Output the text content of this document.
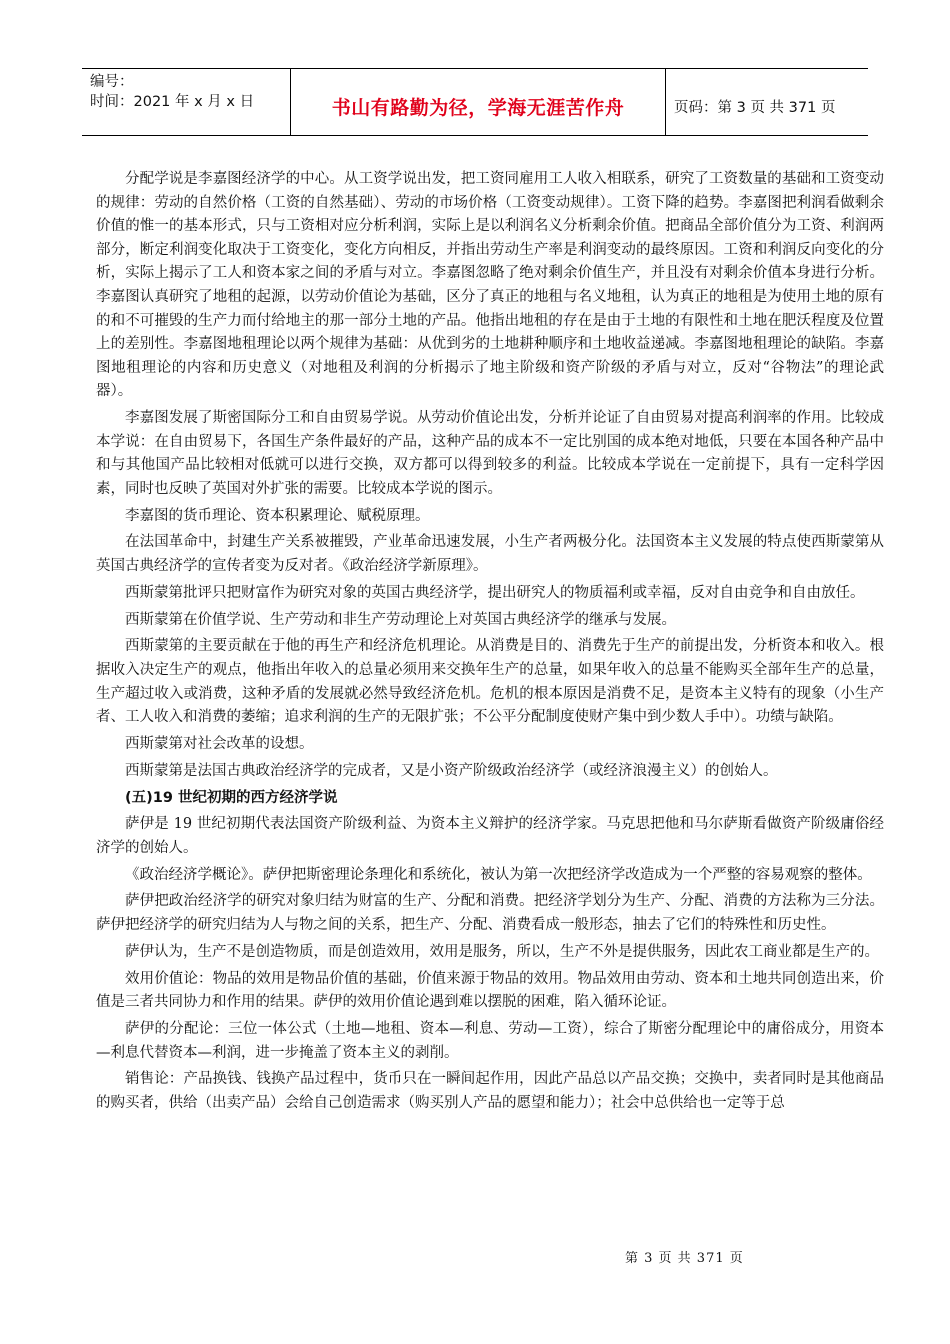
编号：
时间：2021 年 x 月 x 日	书山有路勤为径，学海无涯苦作舟	页码：第 3 页 共 371 页

分配学说是李嘉图经济学的中心。从工资学说出发，把工资同雇用工人收入相联系，研究了工资数量的基础和工资变动的规律：劳动的自然价格（工资的自然基础）、劳动的市场价格（工资变动规律）。工资下降的趋势。李嘉图把利润看做剩余价值的惟一的基本形式，只与工资相对应分析利润，实际上是以利润名义分析剩余价值。把商品全部价值分为工资、利润两部分，断定利润变化取决于工资变化，变化方向相反，并指出劳动生产率是利润变动的最终原因。工资和利润反向变化的分析，实际上揭示了工人和资本家之间的矛盾与对立。李嘉图忽略了绝对剩余价值生产，并且没有对剩余价值本身进行分析。李嘉图认真研究了地租的起源，以劳动价值论为基础，区分了真正的地租与名义地租，认为真正的地租是为使用土地的原有的和不可摧毁的生产力而付给地主的那一部分土地的产品。他指出地租的存在是由于土地的有限性和土地在肥沃程度及位置上的差别性。李嘉图地租理论以两个规律为基础：从优到劣的土地耕种顺序和土地收益递减。李嘉图地租理论的缺陷。李嘉图地租理论的内容和历史意义（对地租及利润的分析揭示了地主阶级和资产阶级的矛盾与对立，反对“谷物法”的理论武器）。

李嘉图发展了斯密国际分工和自由贸易学说。从劳动价值论出发，分析并论证了自由贸易对提高利润率的作用。比较成本学说：在自由贸易下，各国生产条件最好的产品，这种产品的成本不一定比别国的成本绝对地低，只要在本国各种产品中和与其他国产品比较相对低就可以进行交换，双方都可以得到较多的利益。比较成本学说在一定前提下，具有一定科学因素，同时也反映了英国对外扩张的需要。比较成本学说的图示。

李嘉图的货币理论、资本积累理论、赋税原理。

在法国革命中，封建生产关系被摧毁，产业革命迅速发展，小生产者两极分化。法国资本主义发展的特点使西斯蒙第从英国古典经济学的宣传者变为反对者。《政治经济学新原理》。

西斯蒙第批评只把财富作为研究对象的英国古典经济学，提出研究人的物质福利或幸福，反对自由竞争和自由放任。

西斯蒙第在价值学说、生产劳动和非生产劳动理论上对英国古典经济学的继承与发展。

西斯蒙第的主要贡献在于他的再生产和经济危机理论。从消费是目的、消费先于生产的前提出发，分析资本和收入。根据收入决定生产的观点，他指出年收入的总量必须用来交换年生产的总量，如果年收入的总量不能购买全部年生产的总量，生产超过收入或消费，这种矛盾的发展就必然导致经济危机。危机的根本原因是消费不足，是资本主义特有的现象（小生产者、工人收入和消费的萎缩；追求利润的生产的无限扩张；不公平分配制度使财产集中到少数人手中）。功绩与缺陷。

西斯蒙第对社会改革的设想。

西斯蒙第是法国古典政治经济学的完成者，又是小资产阶级政治经济学（或经济浪漫主义）的创始人。

(五)19 世纪初期的西方经济学说

萨伊是 19 世纪初期代表法国资产阶级利益、为资本主义辩护的经济学家。马克思把他和马尔萨斯看做资产阶级庸俗经济学的创始人。

《政治经济学概论》。萨伊把斯密理论条理化和系统化，被认为第一次把经济学改造成为一个严整的容易观察的整体。

萨伊把政治经济学的研究对象归结为财富的生产、分配和消费。把经济学划分为生产、分配、消费的方法称为三分法。萨伊把经济学的研究归结为人与物之间的关系，把生产、分配、消费看成一般形态，抽去了它们的特殊性和历史性。

萨伊认为，生产不是创造物质，而是创造效用，效用是服务，所以，生产不外是提供服务，因此农工商业都是生产的。

效用价值论：物品的效用是物品价值的基础，价值来源于物品的效用。物品效用由劳动、资本和土地共同创造出来，价值是三者共同协力和作用的结果。萨伊的效用价值论遇到难以摆脱的困难，陷入循环论证。

萨伊的分配论：三位一体公式（土地—地租、资本—利息、劳动—工资），综合了斯密分配理论中的庸俗成分，用资本—利息代替资本—利润，进一步掩盖了资本主义的剥削。

销售论：产品换钱、钱换产品过程中，货币只在一瞬间起作用，因此产品总以产品交换；交换中，卖者同时是其他商品的购买者，供给（出卖产品）会给自己创造需求（购买别人产品的愿望和能力）；社会中总供给也一定等于总

第 3 页 共 371 页
